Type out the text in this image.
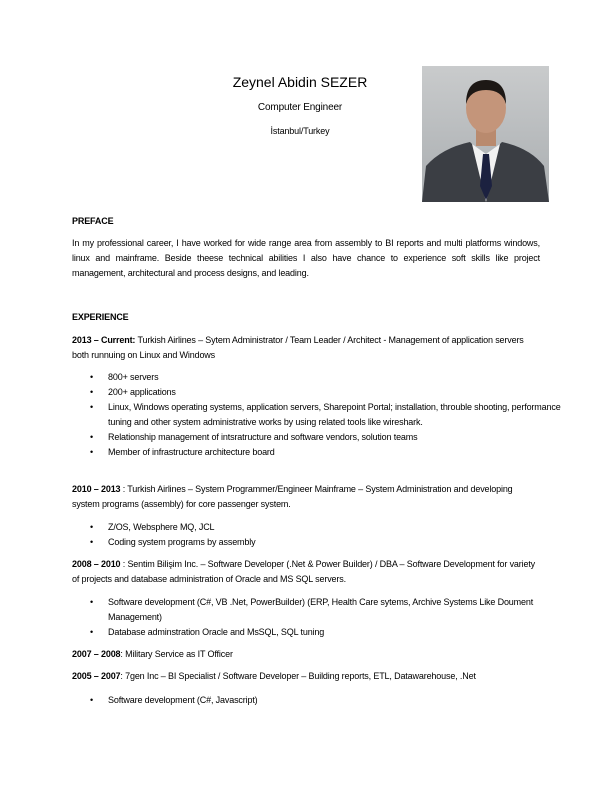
Zeynel Abidin SEZER
Computer Engineer
İstanbul/Turkey
PREFACE
In my professional career, I have worked for wide range area from assembly to BI reports and multi platforms windows, linux and mainframe. Beside theese technical abilities I also have chance to experience soft skills like project management, architectural and process designs, and leading.
EXPERIENCE
2013 – Current: Turkish Airlines – Sytem Administrator / Team Leader / Architect - Management of application servers both runnuing on Linux and Windows
• 800+ servers
• 200+ applications
• Linux, Windows operating systems, application servers, Sharepoint Portal; installation, throuble shooting, performance tuning and other system administrative works by using related tools like wireshark.
• Relationship management of intsratructure and software vendors, solution teams
• Member of infrastructure architecture board
2010 – 2013 : Turkish Airlines – System Programmer/Engineer Mainframe – System Administration and developing system programs (assembly) for core passenger system.
• Z/OS, Websphere MQ, JCL
• Coding system programs by assembly
2008 – 2010 : Sentim Bilişim Inc. – Software Developer (.Net & Power Builder) / DBA – Software Development for variety of projects and database administration of Oracle and MS SQL servers.
• Software development (C#, VB .Net, PowerBuilder) (ERP, Health Care sytems, Archive Systems Like Doument Management)
• Database adminstration Oracle and MsSQL, SQL tuning
2007 – 2008: Military Service as IT Officer
2005 – 2007: 7gen Inc – BI Specialist / Software Developer – Building reports, ETL, Datawarehouse, .Net
• Software development (C#, Javascript)
